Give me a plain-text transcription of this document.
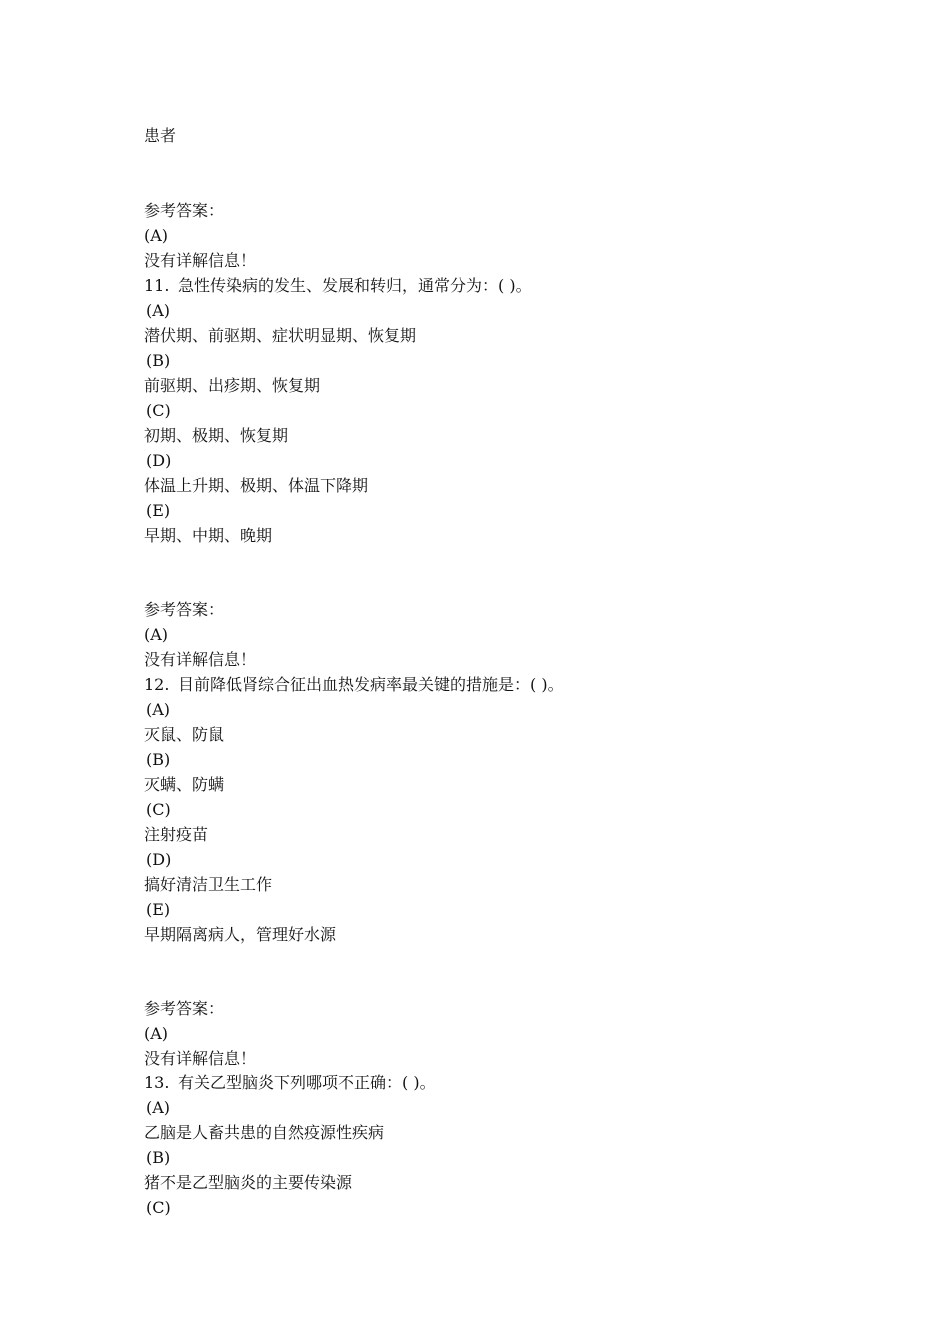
患者
参考答案：
(A)
没有详解信息！
11. 急性传染病的发生、发展和转归，通常分为：( )。
(A)
潜伏期、前驱期、症状明显期、恢复期
(B)
前驱期、出疹期、恢复期
(C)
初期、极期、恢复期
(D)
体温上升期、极期、体温下降期
(E)
早期、中期、晚期
参考答案：
(A)
没有详解信息！
12. 目前降低肾综合征出血热发病率最关键的措施是：( )。
(A)
灭鼠、防鼠
(B)
灭螨、防螨
(C)
注射疫苗
(D)
搞好清洁卫生工作
(E)
早期隔离病人，管理好水源
参考答案：
(A)
没有详解信息！
13. 有关乙型脑炎下列哪项不正确：( )。
(A)
乙脑是人畜共患的自然疫源性疾病
(B)
猪不是乙型脑炎的主要传染源
(C)
